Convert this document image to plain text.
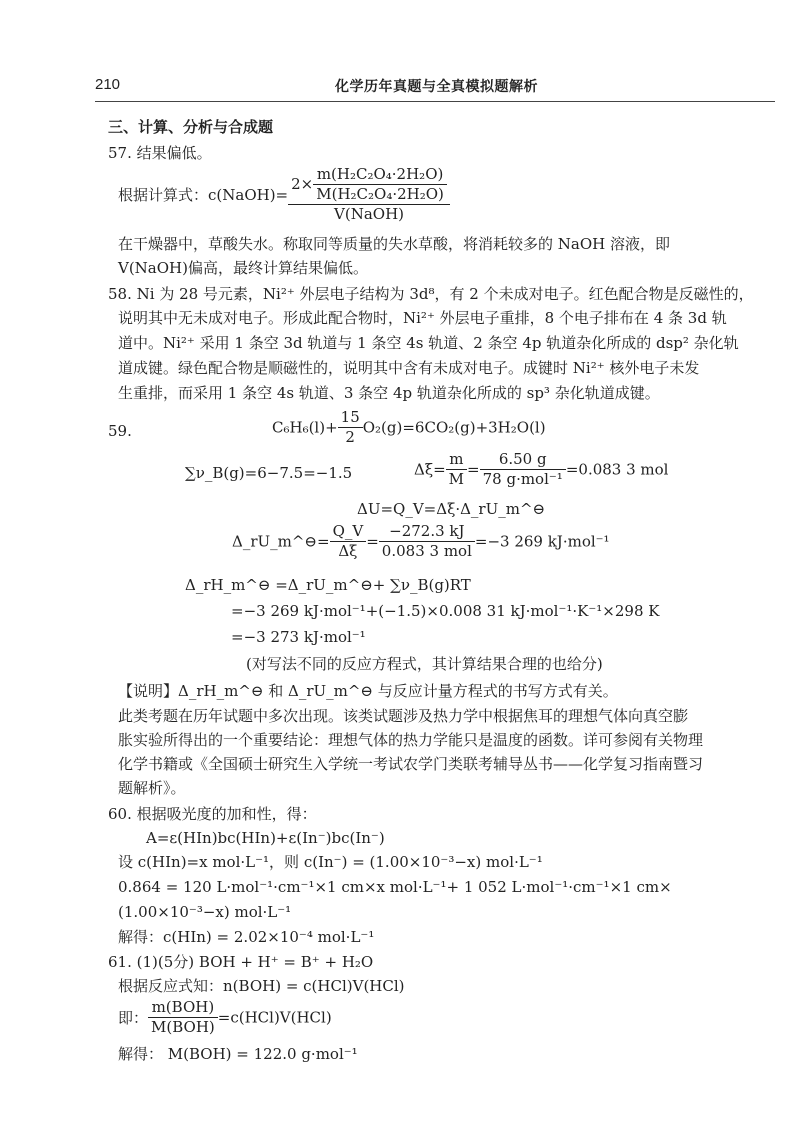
210	化学历年真题与全真模拟题解析
三、计算、分析与合成题
57. 结果偏低。
根据计算式：c(NaOH)= $\frac{2\times \frac{\text{m(H₂C₂O₄·2H₂O)}}{\text{M(H₂C₂O₄·2H₂O)}}}{\text{V(NaOH)}}$
在干燥器中，草酸失水。称取同等质量的失水草酸，将消耗较多的 NaOH 溶液，即
V(NaOH)偏高，最终计算结果偏低。
58. Ni 为 28 号元素，Ni²⁺ 外层电子结构为 3d⁸，有 2 个未成对电子。红色配合物是反磁性的，
说明其中无未成对电子。形成此配合物时，Ni²⁺ 外层电子重排，8 个电子排布在 4 条 3d 轨
道中。Ni²⁺ 采用 1 条空 3d 轨道与 1 条空 4s 轨道、2 条空 4p 轨道杂化所成的 dsp² 杂化轨
道成键。绿色配合物是顺磁性的，说明其中含有未成对电子。成键时 Ni²⁺ 核外电子未发
生重排，而采用 1 条空 4s 轨道、3 条空 4p 轨道杂化所成的 sp³ 杂化轨道成键。
59.	$C_6H_6(l)+ \frac{15}{2} O_2(g)=6CO_2(g)+3H_2O(l)$
∑ν_B(g)=6−7.5=−1.5	$\Delta\xi= \frac{m}{M} = \frac{6.50 g}{\text{78 g·mol⁻¹}} =0.083$ 3 mol
ΔU=Q_V=Δξ·Δ_rU_m^⊖
Δ_rU_m^⊖= $\frac{Q\_V}{\Delta\xi} = \frac{-272.3 kJ}{\text{0.083 3 mol}} =-3$ 269 kJ·mol⁻¹
Δ_rH_m^⊖ =Δ_rU_m^⊖+ ∑ν_B(g)RT
=−3 269 kJ·mol⁻¹+(−1.5)×0.008 31 kJ·mol⁻¹·K⁻¹×298 K
=−3 273 kJ·mol⁻¹
(对写法不同的反应方程式，其计算结果合理的也给分)
【说明】Δ_rH_m^⊖ 和 Δ_rU_m^⊖ 与反应计量方程式的书写方式有关。
此类考题在历年试题中多次出现。该类试题涉及热力学中根据焦耳的理想气体向真空膨
胀实验所得出的一个重要结论：理想气体的热力学能只是温度的函数。详可参阅有关物理
化学书籍或《全国硕士研究生入学统一考试农学门类联考辅导丛书——化学复习指南暨习
题解析》。
60. 根据吸光度的加和性，得：
A=ε(HIn)bc(HIn)+ε(In⁻)bc(In⁻)
设 c(HIn)=x mol·L⁻¹，则 c(In⁻) = (1.00×10⁻³−x) mol·L⁻¹
0.864 = 120 L·mol⁻¹·cm⁻¹×1 cm×x mol·L⁻¹+ 1 052 L·mol⁻¹·cm⁻¹×1 cm×
(1.00×10⁻³−x) mol·L⁻¹
解得：c(HIn) = 2.02×10⁻⁴ mol·L⁻¹
61. (1)(5分) BOH + H⁺ = B⁺ + H₂O
根据反应式知：n(BOH) = c(HCl)V(HCl)
即： $\frac{\text{m(BOH)}}{\text{M(BOH)}} =c(HCl)V(HCl)$
解得： M(BOH) = 122.0 g·mol⁻¹
